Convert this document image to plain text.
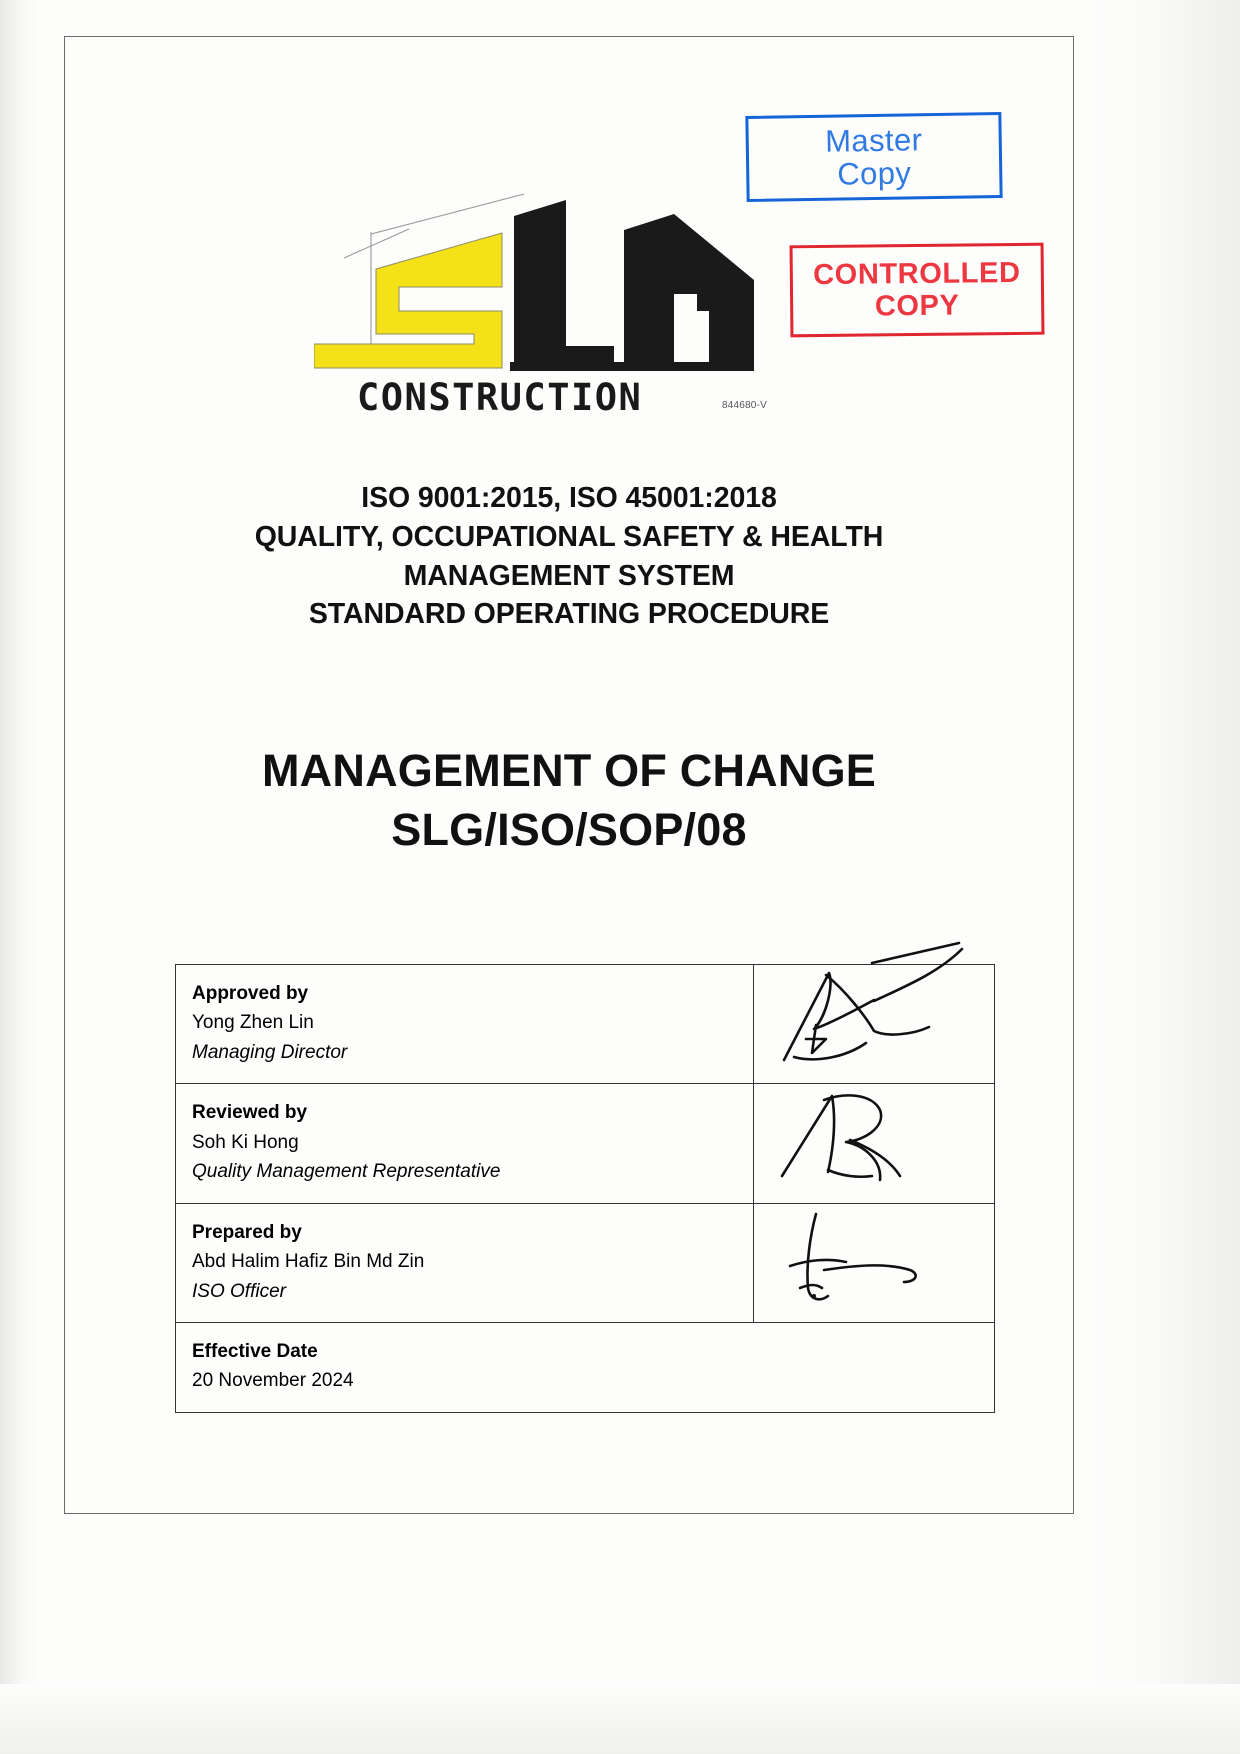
Master
Copy
CONTROLLED
COPY
CONSTRUCTION	844680-V
ISO 9001:2015, ISO 45001:2018
QUALITY, OCCUPATIONAL SAFETY & HEALTH
MANAGEMENT SYSTEM
STANDARD OPERATING PROCEDURE
MANAGEMENT OF CHANGE
SLG/ISO/SOP/08
Approved by
Yong Zhen Lin
Managing Director

Reviewed by
Soh Ki Hong
Quality Management Representative

Prepared by
Abd Halim Hafiz Bin Md Zin
ISO Officer

Effective Date
20 November 2024	
